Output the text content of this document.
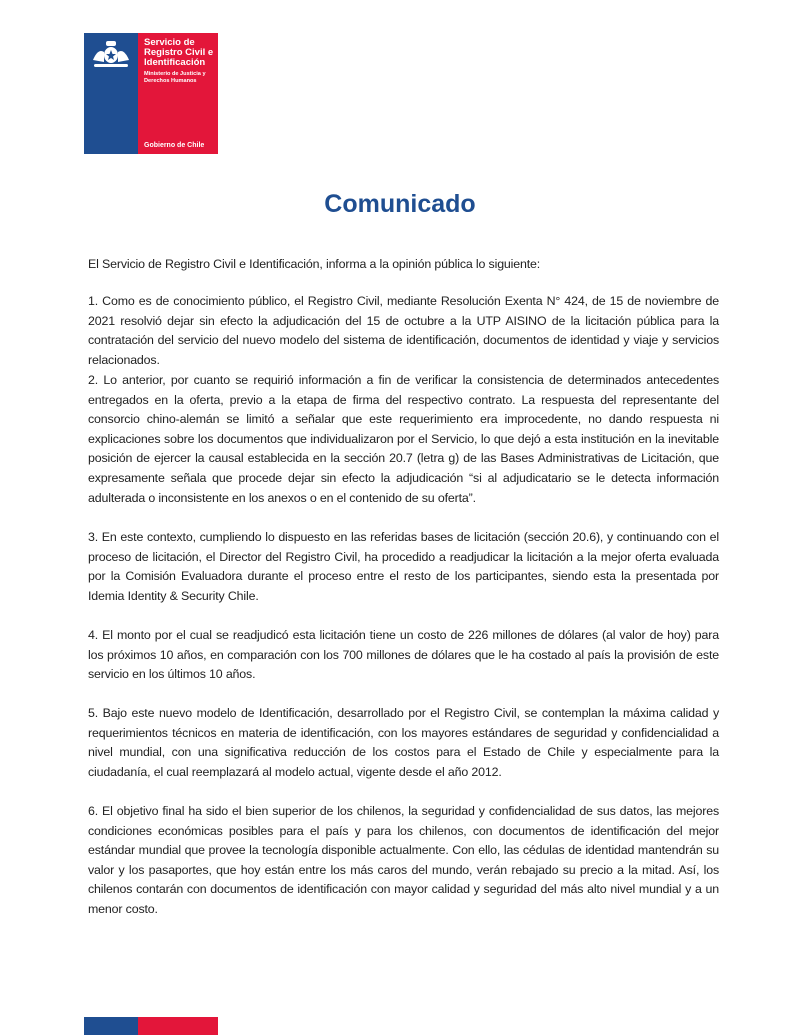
Servicio de Registro Civil e Identificación
Ministerio de Justicia y Derechos Humanos
Gobierno de Chile
Comunicado

El Servicio de Registro Civil e Identificación, informa a la opinión pública lo siguiente:

1. Como es de conocimiento público, el Registro Civil, mediante Resolución Exenta N° 424, de 15 de noviembre de 2021 resolvió dejar sin efecto la adjudicación del 15 de octubre a la UTP AISINO de la licitación pública para la contratación del servicio del nuevo modelo del sistema de identificación, documentos de identidad y viaje y servicios relacionados.

2. Lo anterior, por cuanto se requirió información a fin de verificar la consistencia de determinados antecedentes entregados en la oferta, previo a la etapa de firma del respectivo contrato. La respuesta del representante del consorcio chino-alemán se limitó a señalar que este requerimiento era improcedente, no dando respuesta ni explicaciones sobre los documentos que individualizaron por el Servicio, lo que dejó a esta institución en la inevitable posición de ejercer la causal establecida en la sección 20.7 (letra g) de las Bases Administrativas de Licitación, que expresamente señala que procede dejar sin efecto la adjudicación “si al adjudicatario se le detecta información adulterada o inconsistente en los anexos o en el contenido de su oferta”.

3. En este contexto, cumpliendo lo dispuesto en las referidas bases de licitación (sección 20.6), y continuando con el proceso de licitación, el Director del Registro Civil, ha procedido a readjudicar la licitación a la mejor oferta evaluada por la Comisión Evaluadora durante el proceso entre el resto de los participantes, siendo esta la presentada por Idemia Identity & Security Chile.

4. El monto por el cual se readjudicó esta licitación tiene un costo de 226 millones de dólares (al valor de hoy) para los próximos 10 años, en comparación con los 700 millones de dólares que le ha costado al país la provisión de este servicio en los últimos 10 años.

5. Bajo este nuevo modelo de Identificación, desarrollado por el Registro Civil, se contemplan la máxima calidad y requerimientos técnicos en materia de identificación, con los mayores estándares de seguridad y confidencialidad a nivel mundial, con una significativa reducción de los costos para el Estado de Chile y especialmente para la ciudadanía, el cual reemplazará al modelo actual, vigente desde el año 2012.

6. El objetivo final ha sido el bien superior de los chilenos, la seguridad y confidencialidad de sus datos, las mejores condiciones económicas posibles para el país y para los chilenos, con documentos de identificación del mejor estándar mundial que provee la tecnología disponible actualmente. Con ello, las cédulas de identidad mantendrán su valor y los pasaportes, que hoy están entre los más caros del mundo, verán rebajado su precio a la mitad. Así, los chilenos contarán con documentos de identificación con mayor calidad y seguridad del más alto nivel mundial y a un menor costo.
